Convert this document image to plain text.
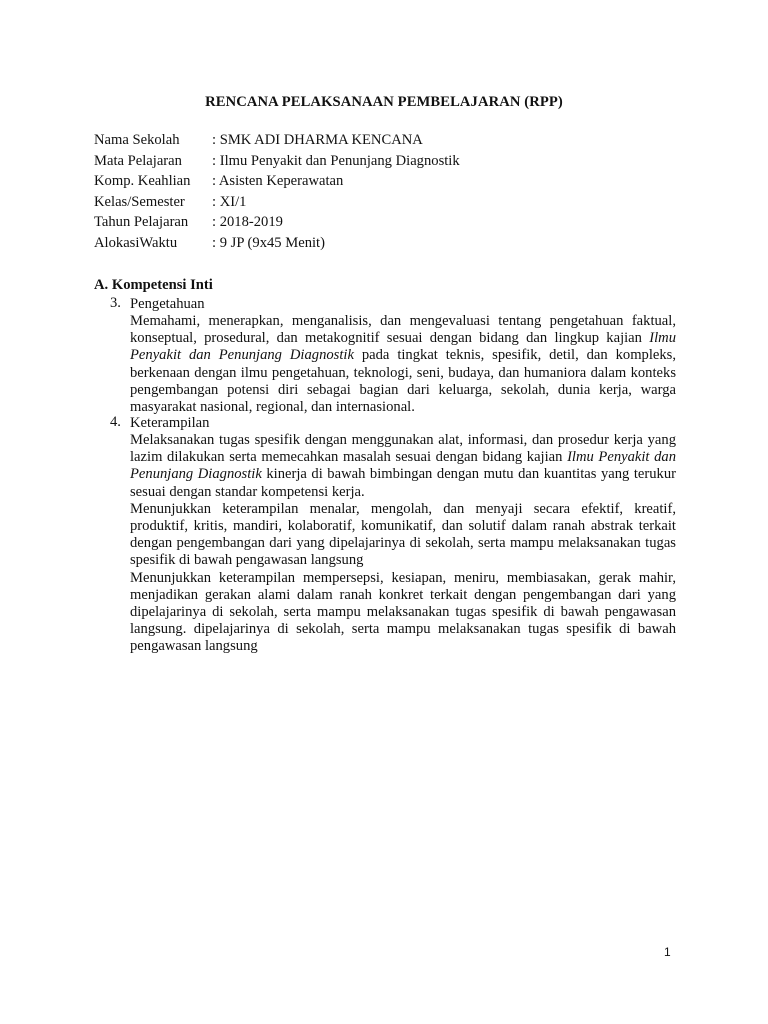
RENCANA PELAKSANAAN PEMBELAJARAN (RPP)
Nama Sekolah : SMK ADI DHARMA KENCANA
Mata Pelajaran : Ilmu Penyakit dan Penunjang Diagnostik
Komp. Keahlian : Asisten Keperawatan
Kelas/Semester : XI/1
Tahun Pelajaran : 2018-2019
AlokasiWaktu : 9 JP (9x45 Menit)
A. Kompetensi Inti
3. Pengetahuan

Memahami, menerapkan, menganalisis, dan mengevaluasi tentang pengetahuan faktual, konseptual, prosedural, dan metakognitif sesuai dengan bidang dan lingkup kajian Ilmu Penyakit dan Penunjang Diagnostik pada tingkat teknis, spesifik, detil, dan kompleks, berkenaan dengan ilmu pengetahuan, teknologi, seni, budaya, dan humaniora dalam konteks pengembangan potensi diri sebagai bagian dari keluarga, sekolah, dunia kerja, warga masyarakat nasional, regional, dan internasional.

4. Keterampilan

Melaksanakan tugas spesifik dengan menggunakan alat, informasi, dan prosedur kerja yang lazim dilakukan serta memecahkan masalah sesuai dengan bidang kajian Ilmu Penyakit dan Penunjang Diagnostik kinerja di bawah bimbingan dengan mutu dan kuantitas yang terukur sesuai dengan standar kompetensi kerja.

Menunjukkan keterampilan menalar, mengolah, dan menyaji secara efektif, kreatif, produktif, kritis, mandiri, kolaboratif, komunikatif, dan solutif dalam ranah abstrak terkait dengan pengembangan dari yang dipelajarinya di sekolah, serta mampu melaksanakan tugas spesifik di bawah pengawasan langsung

Menunjukkan keterampilan mempersepsi, kesiapan, meniru, membiasakan, gerak mahir, menjadikan gerakan alami dalam ranah konkret terkait dengan pengembangan dari yang dipelajarinya di sekolah, serta mampu melaksanakan tugas spesifik di bawah pengawasan langsung. dipelajarinya di sekolah, serta mampu melaksanakan tugas spesifik di bawah pengawasan langsung

1
